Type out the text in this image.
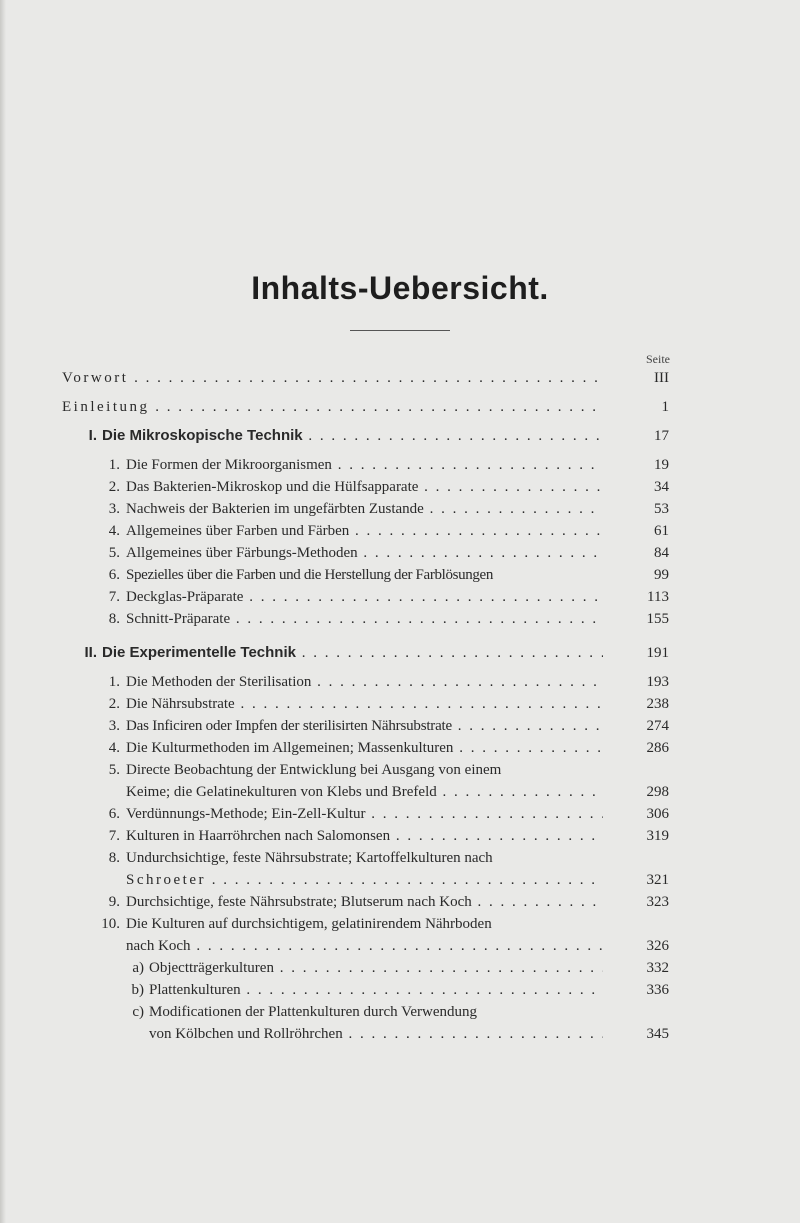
Inhalts-Uebersicht.
Seite
Vorwort . . .	III
Einleitung . . .	1
I. Die Mikroskopische Technik . . .	17
1. Die Formen der Mikroorganismen . . .	19
2. Das Bakterien-Mikroskop und die Hülfsapparate . . .	34
3. Nachweis der Bakterien im ungefärbten Zustande . . .	53
4. Allgemeines über Farben und Färben . . .	61
5. Allgemeines über Färbungs-Methoden . . .	84
6. Spezielles über die Farben und die Herstellung der Farblösungen	99
7. Deckglas-Präparate . . .	113
8. Schnitt-Präparate . . .	155
II. Die Experimentelle Technik . . .	191
1. Die Methoden der Sterilisation . . .	193
2. Die Nährsubstrate . . .	238
3. Das Inficiren oder Impfen der sterilisirten Nährsubstrate . . .	274
4. Die Kulturmethoden im Allgemeinen; Massenkulturen . . .	286
5. Directe Beobachtung der Entwicklung bei Ausgang von einem
Keime; die Gelatinekulturen von Klebs und Brefeld . . .	298
6. Verdünnungs-Methode; Ein-Zell-Kultur . . .	306
7. Kulturen in Haarröhrchen nach Salomonsen . . .	319
8. Undurchsichtige, feste Nährsubstrate; Kartoffelkulturen nach
Schroeter . . .	321
9. Durchsichtige, feste Nährsubstrate; Blutserum nach Koch . . .	323
10. Die Kulturen auf durchsichtigem, gelatinirendem Nährboden
nach Koch . . .	326
a) Objectträgerkulturen . . .	332
b) Plattenkulturen . . .	336
c) Modificationen der Plattenkulturen durch Verwendung
von Kölbchen und Rollröhrchen . . .	345
